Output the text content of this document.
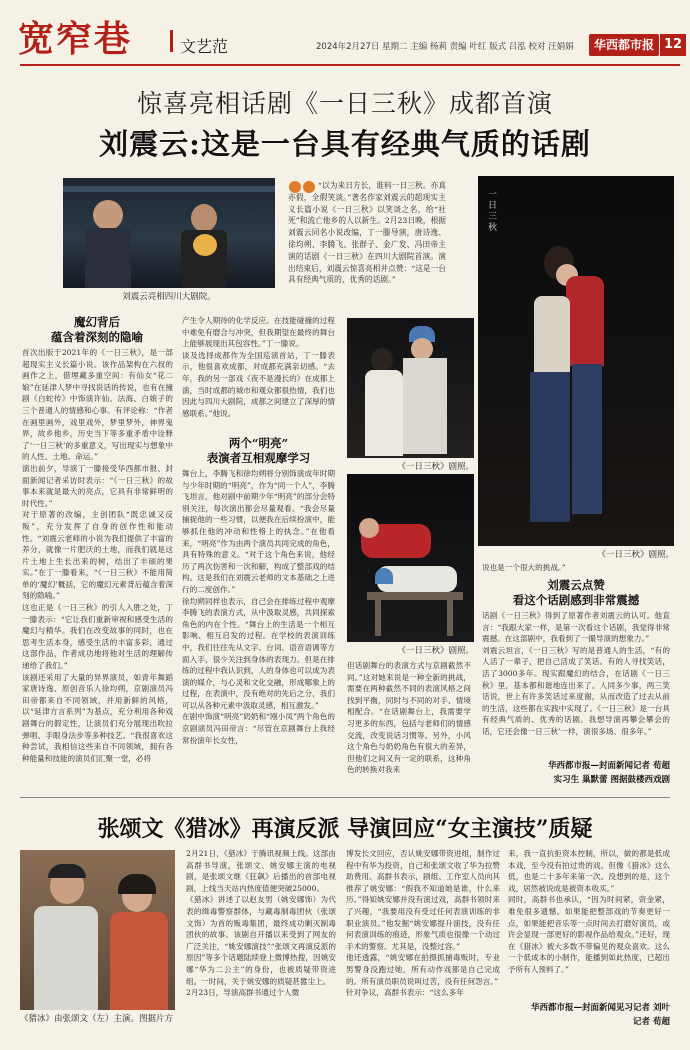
宽窄巷	文艺范	2024年2月27日 星期二 主编 杨莉 责编 叶红 版式 吕泓 校对 汪娟娟	华西都市报 12
惊喜亮相话剧《一日三秋》成都首演
刘震云:这是一台具有经典气质的话剧
刘震云亮相四川大剧院。
“以为来日方长，谁料一日三秋。亦真亦假，全假笑谈。”著名作家刘震云的超现实主义长篇小说《一日三秋》以笑谈之名，给“社死”和流亡他乡的人以新生。2月23日晚，根据刘震云同名小说改编，丁一滕导演，唐诗逸、徐均朔、李腾飞、张群子、金广发、冯田帝主演的话剧《一日三秋》在四川大剧院首演。演出结束后，刘震云惊喜亮相并点赞：“这是一台具有经典气质的、优秀的话剧。”
一日三秋
《一日三秋》剧照。
魔幻背后
蕴含着深刻的隐喻
首次出版于2021年的《一日三秋》，是一部超现实主义长篇小说。该作品架构在六叔的画作之上，借埋藏多重空间：有仙女“花二娘”在延津人梦中寻找说话的传说，也有在撞剧《白蛇传》中饰演许仙、法海、白娘子的三个普通人的情感和心事。有评论称：“作者在画里画外，戏里戏外，梦里梦外，神界鬼界，故乡他乡，历史当下等多重矛盾中诠释了‘一日三秋’的多重意义，写出现实与想象中的人性、土地、命运。”
演出前夕，导演丁一滕接受华西都市报、封面新闻记者采访时表示：“《一日三秋》的故事本来就是最大的亮点，它具有非常鲜明的时代性。”
对于原著的改编，主创团队“既忠诚又反叛”，充分发挥了自身的创作性和能动性。“刘震云老师的小说为我们提供了丰富的养分，就像一片肥沃的土地，而我们就是这片土地上生长出来的树，结出了丰硕的果实。”在丁一滕看来，“《一日三秋》不能用简单的‘魔幻’概括，它的魔幻元素背后蕴含着深刻的隐喻。”
这也正是《一日三秋》的引人入胜之处，丁一滕表示：“它让我们重新审视和感受生活的魔幻与精华。我们在改变故事的同时，也在思考生活本身，感受生活的丰富多彩，通过这部作品，作者成功地将他对生活的理解传递给了我们。”
该剧还采用了大量的异界演员，如青年舞蹈家唐诗逸、原创音乐人徐均朔，京剧演员冯田帝都来自不同领域，并用新鲜的风格，以“延津方言系列”为基点，充分利用各种戏剧舞台的假定性，让演员们充分展现出吹拉弹唱、手眼身法步等多种技艺。“我很喜欢这种尝试，我相信这些来自不同领域，拥有各种能量和技能的演员们汇聚一堂，必将
产生令人期待的化学反应。在技能碰撞的过程中难免有磨合与冲突，但我期望在最终的舞台上能够展现出其包容性。”丁一滕说。
谈及选择成都作为全国巡演首站，丁一滕表示，他很喜欢成都，对成都充满亲切感。“去年，我的另一部戏《夜不是漫长的》在成都上演，当时成都的城市和观众都很热情，我们也因此与四川大剧院，成都之间建立了深厚的情感联系。”他说。
两个“明亮”
表演者互相观摩学习
舞台上，李腾飞和徐均朔将分别饰演成年时期与少年时期的“明亮”，作为“同一个人”，李腾飞坦言，他对剧中前期少年“明亮”的部分会特别关注，每次演出都会尽量观看。“我会尽量捕捉他的一些习惯，以便我在后续扮演中，能够抓住他的冲动和性格上的执念。”在他看来，“明亮”作为由两个演员共同完成的角色，具有特殊的意义。“对于这个角色来说，他经历了两次伤害和一次和解，构成了整部戏的结构。这是我们在刘震云老师的文本基础之上进行的二度创作。”
徐均朔同样也表示，自己会在排练过程中观摩李腾飞的表演方式，从中汲取灵感，共同探索角色的内在个性。“舞台上的生活是一个相互影响、相互启发的过程。在学校的表演训练中，我们往往先从文字、台词、语音语调等方面入手，很少关注到身体的表现力。但是在排练的过程中我认识到，人的身体也可以成为表演的媒介，与心灵和文化交融，形成哪象上的过程，在表演中，没有绝对的先后之分，我们可以从各种元素中汲取灵感，相互激发。”
在剧中饰演“明亮”奶奶和“刚小凤”两个角色的京剧演员冯田帝言：“尽管在京剧舞台上我经常扮演年长女性，
《一日三秋》剧照。
《一日三秋》剧照。
但话剧舞台的表演方式与京剧截然不同。”这对她来说是一种全新的挑战，需要在两种截然不同的表演风格之间找到平衡，同时与不同的对手、情境相配合。“在话剧舞台上，我需要学习更多的东西，包括与老师们的情感交流，改变说话习惯等。另外，小风这个角色与奶奶角色有很大的差异，但他们之间又有一定的联系，这种角色的转换对我来
说也是一个很大的挑战。”
刘震云点赞
看这个话剧感到非常震撼
话剧《一日三秋》得到了原著作者刘震云的认可。他直言：“我跟大家一样，是第一次看这个话剧，我觉得非常震撼。在这部剧中，我看到了一撮导演的想象力。”
刘震云坦言，《一日三秋》写的是普通人的生活，“有的人活了一辈子，把自己活成了笑话。有的人寻找笑话，活了3000多年。现实跟魔幻的结合，在话剧《一日三秋》里，基本都和谐地连出来了。人同多少事，两三笑话说，世上有许多笑话过来度谢，从而改造了过去从前的生活，这些都在实践中实现了。《一日三秋》是一台具有经典气质的、优秀的话剧。我想导演再攀会攀会的话，它还会像一日三秋’一样，演很多场、很多年。”
华西都市报—封面新闻记者 荀超
实习生 巢默蕾 图据鼓楼西戏剧
张颂文《猎冰》再演反派 导演回应“女主演技”质疑
《猎冰》由张颂文（左）主演。图据片方
2月21日，《猎冰》于腾讯视频上线。这部由高群书导演，张颂文、姚安娜主演的电视剧，是张颂文继《狂飙》后播出的首部电视剧，上线当天站内热度值便突破25000。
《猎冰》讲述了以赵友男（姚安娜饰）为代表的缉毒警察群体，与藏毒制毒团伙（张颂文饰）为首的贩毒集团，最终成功剿灭制毒团伙的故事。该剧自开播以来受到了网友的广泛关注，“姚安娜演技”“张颂文再演反派的原因”等多个话题陆续登上微博热搜，因姚安娜“华为二公主”的身份，也被质疑带资进组。一时间，关于姚安娜的质疑甚嚣尘上。
2月23日，导演高群书通过个人微
博发长文回应，否认姚安娜带资进组，制作过程中有华为投资，自己和张颂文收了华为拉赞助费用。高群书表示，剧组、工作室人员向其推荐了姚安娜：“假我不知道她是谁，什么来历。”得知姚安娜并没有演过戏，高群书领时来了兴趣，“我要用没有受过任何表演训练的非职业演员。”他发掘“姚安娜提升演技，没有任何表演训练的痕迹，形象气质也很像一个动过手术的警察。尤其是，没整过容。”
他还透露，“姚安娜在拍摄抓捕毒贩时，专业男警身没跑过她，所有动作戏都是自己完成的。所有演员职员说叫过苦，没有任何怨言。”
针对争议，高群书表示：“这么多年
来，我一直抗拒资本控制，所以，做的都是低成本戏，至今没有拍过贵的戏。但像《猎冰》这么低，也是二十多年来第一次。没想到的是，这个戏，居然被说成是被资本收买。”
同时，高群书也承认，“因为时间紧，资金紧，难免很多遗憾。如果能把整部戏的节奏更好一点，如果能把音乐等一点时间去打磨好演员，或许会显现一部更好的影视作品给观众。”还好，现在《猎冰》被大多数不带偏见的观众喜欢。这么一个低成本的小制作，能播到如此热度，已超出予所有人预料了。”
华西都市报—封面新闻见习记者 刘叶
记者 荀超
